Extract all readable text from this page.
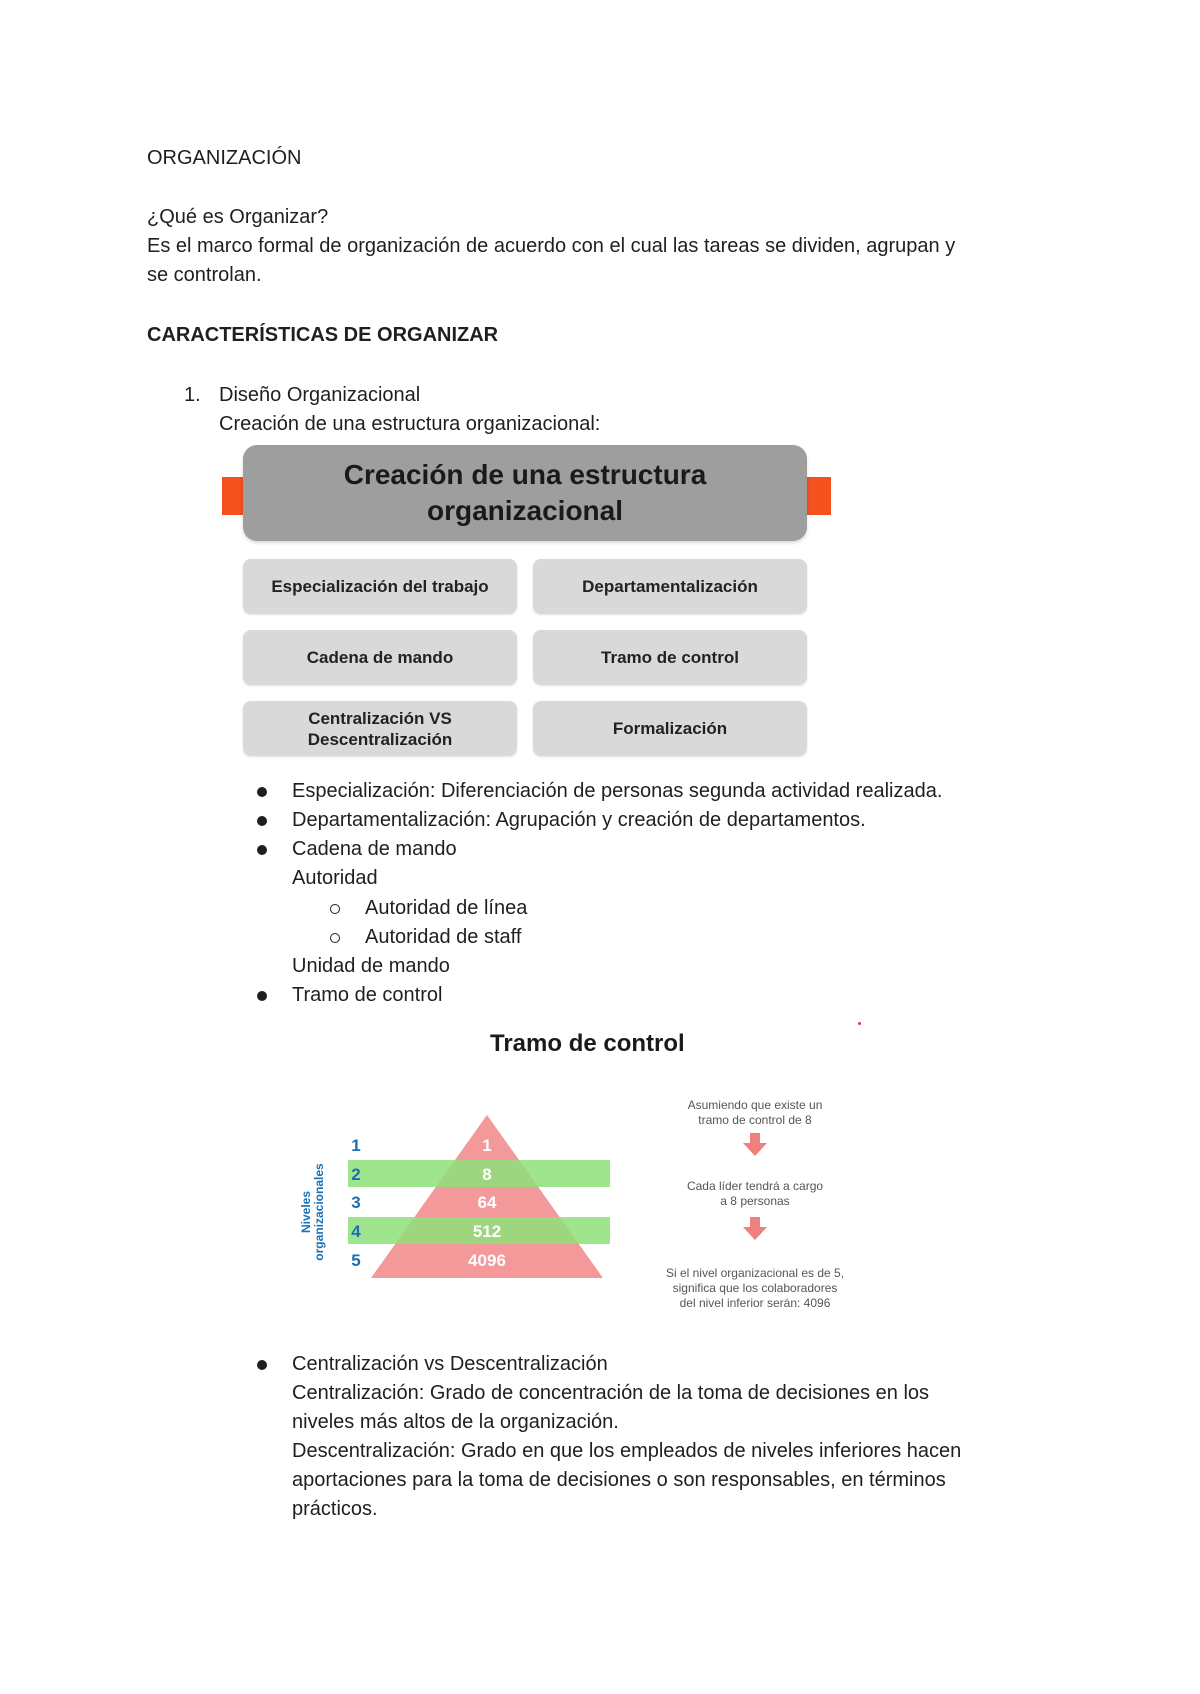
ORGANIZACIÓN
¿Qué es Organizar?
Es el marco formal de organización de acuerdo con el cual las tareas se dividen, agrupan y
se controlan.
CARACTERÍSTICAS DE ORGANIZAR
1. Diseño Organizacional
Creación de una estructura organizacional:
Creación de una estructura
organizacional
Especialización del trabajo	Departamentalización
Cadena de mando	Tramo de control
Centralización VS
Descentralización
Formalización
Especialización: Diferenciación de personas segunda actividad realizada.
Departamentalización: Agrupación y creación de departamentos.
Cadena de mando
Autoridad
Autoridad de línea
Autoridad de staff
Unidad de mando
Tramo de control
Tramo de control
1
2
3
4
5
1
8
64
512
4096
Niveles organizacionales
Asumiendo que existe un
tramo de control de 8
Cada líder tendrá a cargo
a 8 personas
Si el nivel organizacional es de 5,
significa que los colaboradores
del nivel inferior serán: 4096
Centralización vs Descentralización
Centralización: Grado de concentración de la toma de decisiones en los
niveles más altos de la organización.
Descentralización: Grado en que los empleados de niveles inferiores hacen
aportaciones para la toma de decisiones o son responsables, en términos
prácticos.
